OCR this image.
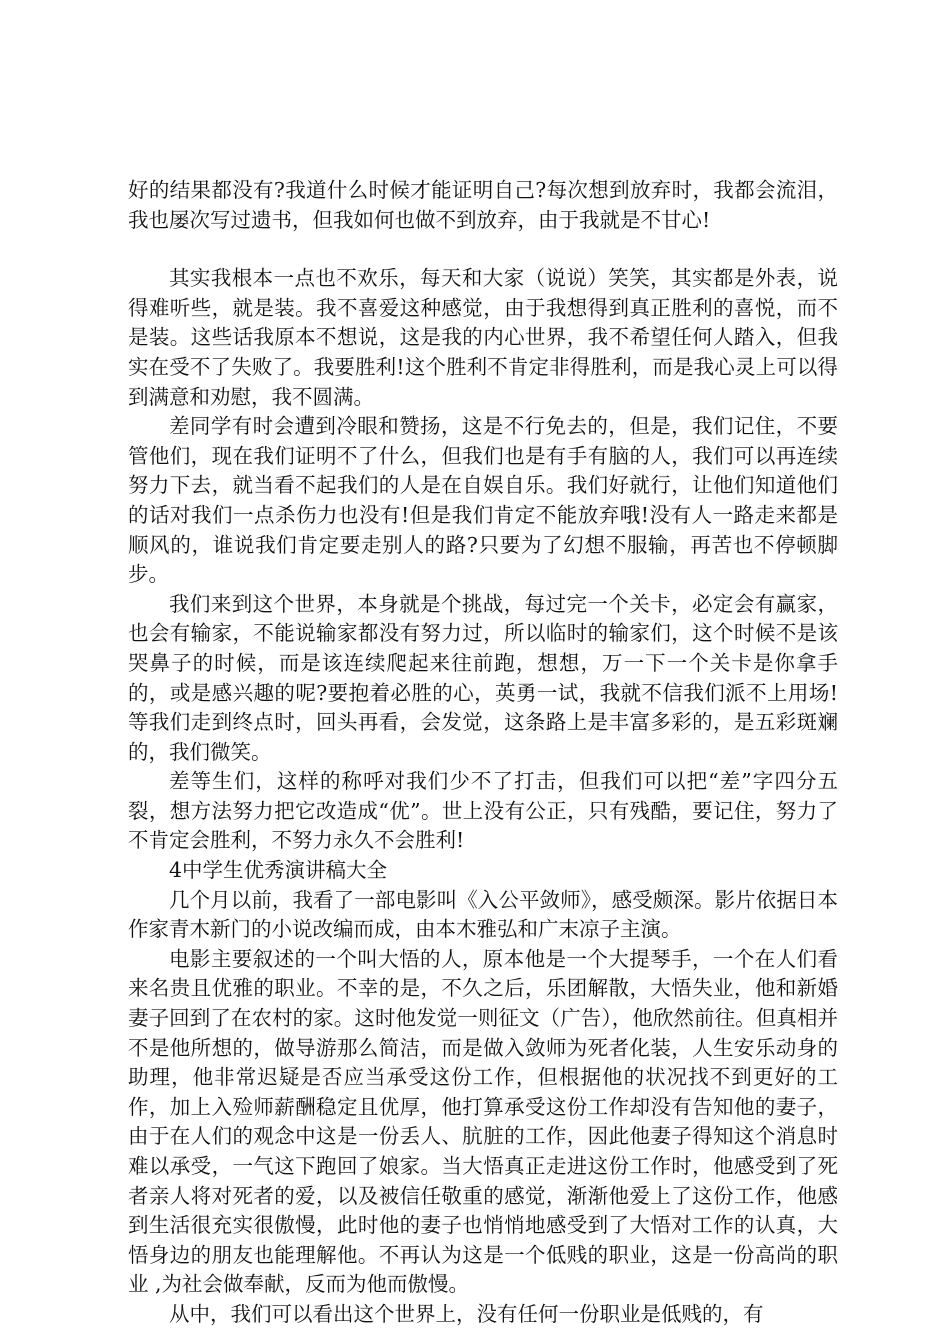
好的结果都没有?我道什么时候才能证明自己?每次想到放弃时，我都会流泪，我也屡次写过遗书，但我如何也做不到放弃，由于我就是不甘心!

其实我根本一点也不欢乐，每天和大家（说说）笑笑，其实都是外表，说得难听些，就是装。我不喜爱这种感觉，由于我想得到真正胜利的喜悦，而不是装。这些话我原本不想说，这是我的内心世界，我不希望任何人踏入，但我实在受不了失败了。我要胜利!这个胜利不肯定非得胜利，而是我心灵上可以得到满意和劝慰，我不圆满。

差同学有时会遭到冷眼和赞扬，这是不行免去的，但是，我们记住，不要管他们，现在我们证明不了什么，但我们也是有手有脑的人，我们可以再连续努力下去，就当看不起我们的人是在自娱自乐。我们好就行，让他们知道他们的话对我们一点杀伤力也没有!但是我们肯定不能放弃哦!没有人一路走来都是顺风的，谁说我们肯定要走别人的路?只要为了幻想不服输，再苦也不停顿脚步。

我们来到这个世界，本身就是个挑战，每过完一个关卡，必定会有赢家，也会有输家，不能说输家都没有努力过，所以临时的输家们，这个时候不是该哭鼻子的时候，而是该连续爬起来往前跑，想想，万一下一个关卡是你拿手的，或是感兴趣的呢?要抱着必胜的心，英勇一试，我就不信我们派不上用场!等我们走到终点时，回头再看，会发觉，这条路上是丰富多彩的，是五彩斑斓的，我们微笑。

差等生们，这样的称呼对我们少不了打击，但我们可以把“差”字四分五裂，想方法努力把它改造成“优”。世上没有公正，只有残酷，要记住，努力了不肯定会胜利，不努力永久不会胜利!

4中学生优秀演讲稿大全

几个月以前，我看了一部电影叫《入公平敛师》，感受颇深。影片依据日本作家青木新门的小说改编而成，由本木雅弘和广末凉子主演。

电影主要叙述的一个叫大悟的人，原本他是一个大提琴手，一个在人们看来名贵且优雅的职业。不幸的是，不久之后，乐团解散，大悟失业，他和新婚妻子回到了在农村的家。这时他发觉一则征文（广告），他欣然前往。但真相并不是他所想的，做导游那么简洁，而是做入敛师为死者化装，人生安乐动身的助理，他非常迟疑是否应当承受这份工作，但根据他的状况找不到更好的工作，加上入殓师薪酬稳定且优厚，他打算承受这份工作却没有告知他的妻子，由于在人们的观念中这是一份丢人、肮脏的工作，因此他妻子得知这个消息时难以承受，一气这下跑回了娘家。当大悟真正走进这份工作时，他感受到了死者亲人将对死者的爱，以及被信任敬重的感觉，渐渐他爱上了这份工作，他感到生活很充实很傲慢，此时他的妻子也悄悄地感受到了大悟对工作的认真，大悟身边的朋友也能理解他。不再认为这是一个低贱的职业，这是一份高尚的职业 ,为社会做奉献，反而为他而傲慢。

从中，我们可以看出这个世界上，没有任何一份职业是低贱的，有
